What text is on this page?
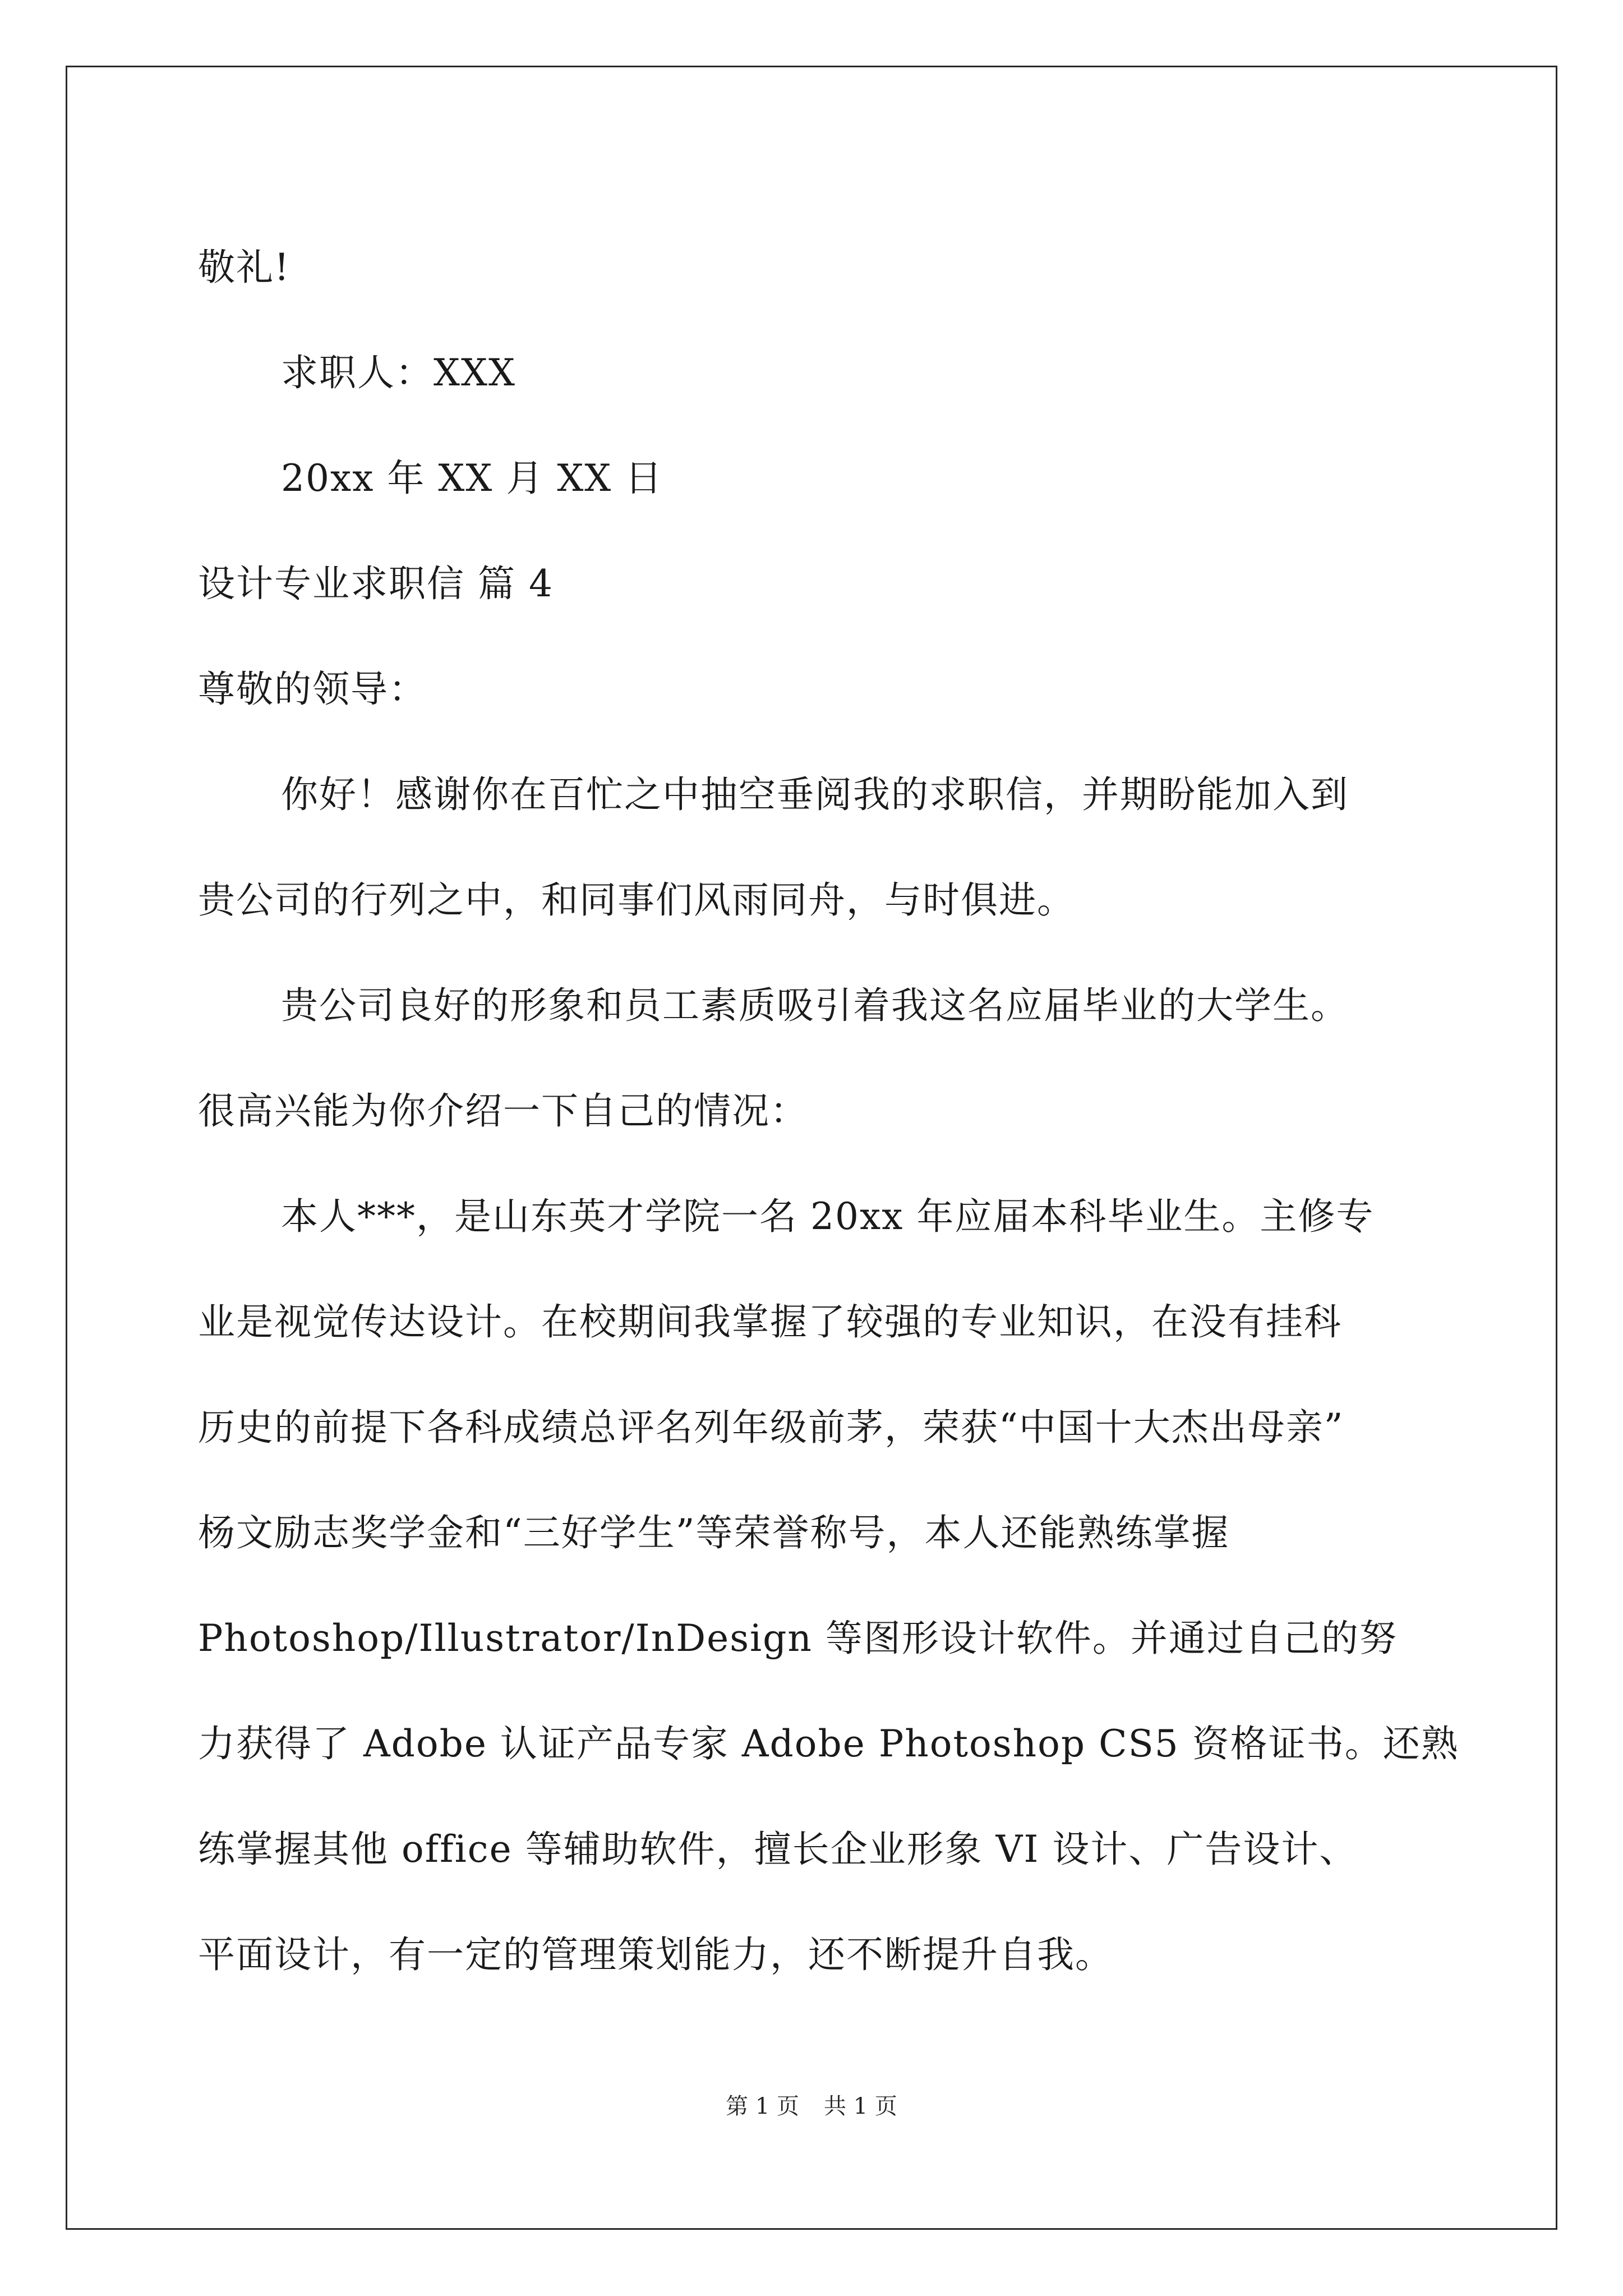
敬礼!
求职人：XXX
20xx 年 XX 月 XX 日
设计专业求职信 篇 4
尊敬的领导：
你好！感谢你在百忙之中抽空垂阅我的求职信，并期盼能加入到
贵公司的行列之中，和同事们风雨同舟，与时俱进。
贵公司良好的形象和员工素质吸引着我这名应届毕业的大学生。
很高兴能为你介绍一下自己的情况：
本人***，是山东英才学院一名 20xx 年应届本科毕业生。主修专
业是视觉传达设计。在校期间我掌握了较强的专业知识，在没有挂科
历史的前提下各科成绩总评名列年级前茅，荣获“中国十大杰出母亲”
杨文励志奖学金和“三好学生”等荣誉称号，本人还能熟练掌握
Photoshop/Illustrator/InDesign 等图形设计软件。并通过自己的努
力获得了 Adobe 认证产品专家 Adobe Photoshop CS5 资格证书。还熟
练掌握其他 office 等辅助软件，擅长企业形象 VI 设计、广告设计、
平面设计，有一定的管理策划能力，还不断提升自我。
第 1 页 共 1 页
